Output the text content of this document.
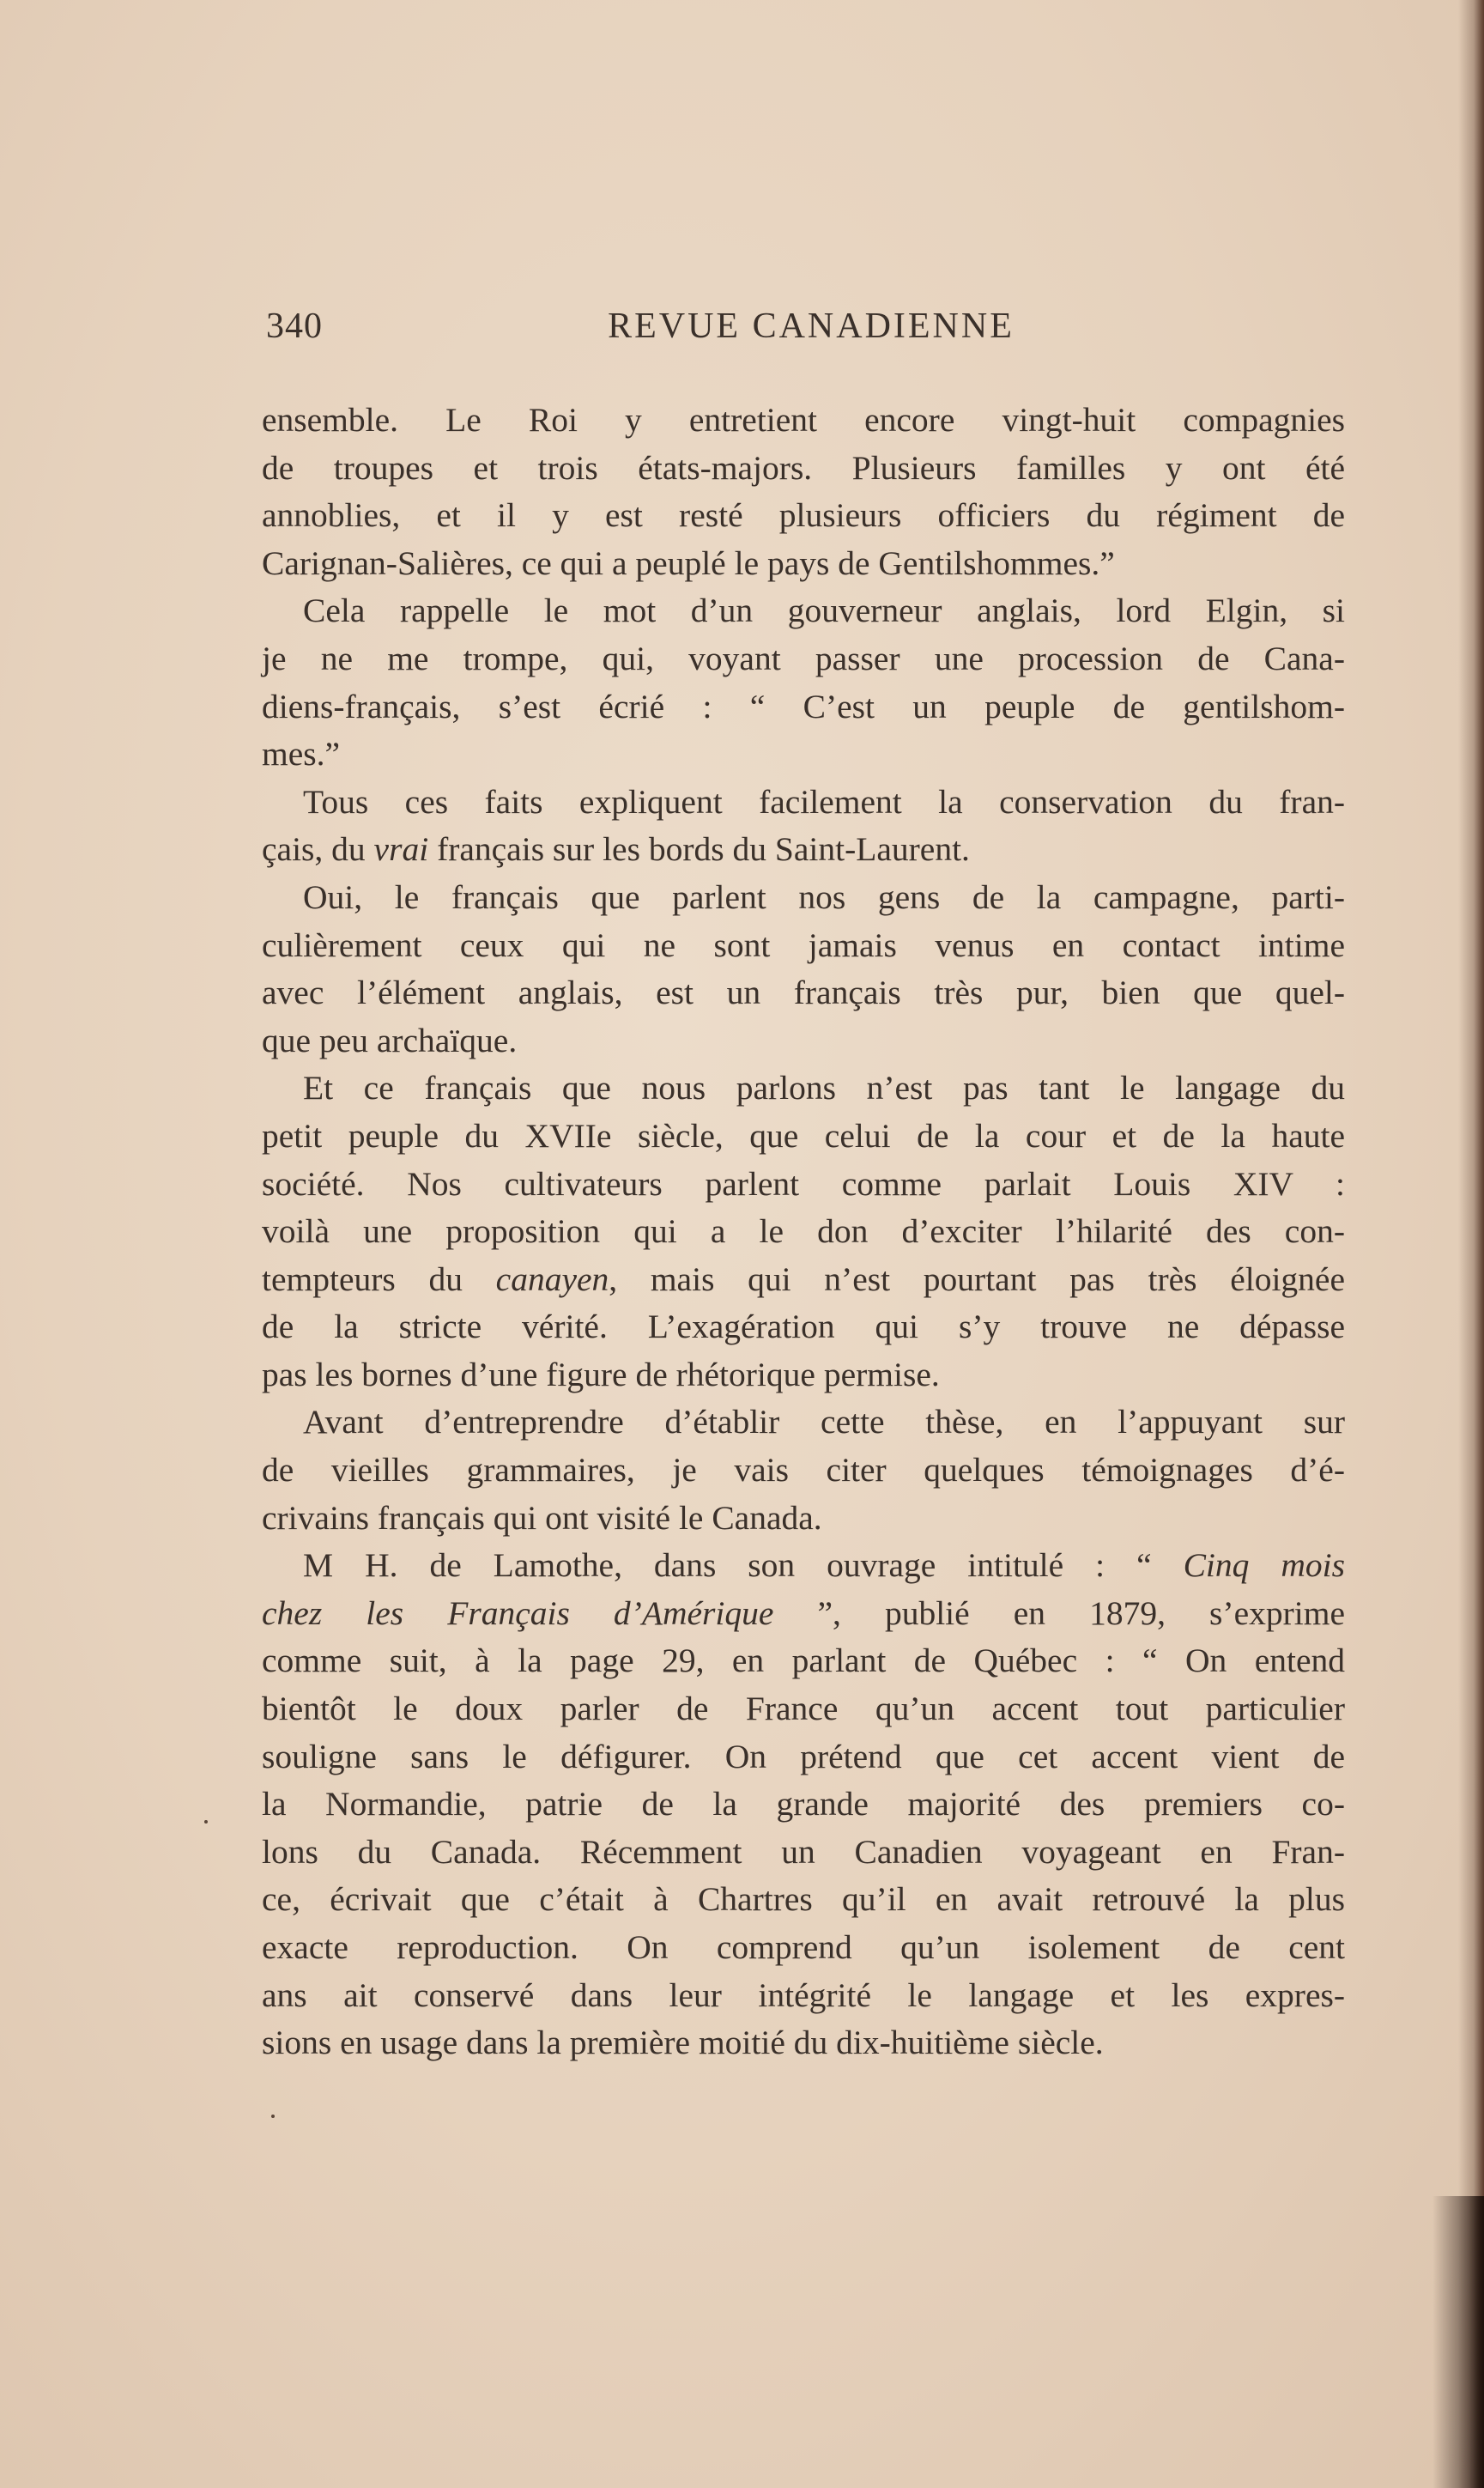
340	REVUE CANADIENNE
ensemble. Le Roi y entretient encore vingt-huit compagnies
de troupes et trois états-majors. Plusieurs familles y ont été
annoblies, et il y est resté plusieurs officiers du régiment de
Carignan-Salières, ce qui a peuplé le pays de Gentilshommes.”
Cela rappelle le mot d’un gouverneur anglais, lord Elgin, si
je ne me trompe, qui, voyant passer une procession de Cana-
diens-français, s’est écrié : “ C’est un peuple de gentilshom-
mes.”
Tous ces faits expliquent facilement la conservation du fran-
çais, du vrai français sur les bords du Saint-Laurent.
Oui, le français que parlent nos gens de la campagne, parti-
culièrement ceux qui ne sont jamais venus en contact intime
avec l’élément anglais, est un français très pur, bien que quel-
que peu archaïque.
Et ce français que nous parlons n’est pas tant le langage du
petit peuple du XVIIe siècle, que celui de la cour et de la haute
société. Nos cultivateurs parlent comme parlait Louis XIV :
voilà une proposition qui a le don d’exciter l’hilarité des con-
tempteurs du canayen, mais qui n’est pourtant pas très éloignée
de la stricte vérité. L’exagération qui s’y trouve ne dépasse
pas les bornes d’une figure de rhétorique permise.
Avant d’entreprendre d’établir cette thèse, en l’appuyant sur
de vieilles grammaires, je vais citer quelques témoignages d’é-
crivains français qui ont visité le Canada.
M H. de Lamothe, dans son ouvrage intitulé : “ Cinq mois
chez les Français d’Amérique ”, publié en 1879, s’exprime
comme suit, à la page 29, en parlant de Québec : “ On entend
bientôt le doux parler de France qu’un accent tout particulier
souligne sans le défigurer. On prétend que cet accent vient de
la Normandie, patrie de la grande majorité des premiers co-
lons du Canada. Récemment un Canadien voyageant en Fran-
ce, écrivait que c’était à Chartres qu’il en avait retrouvé la plus
exacte reproduction. On comprend qu’un isolement de cent
ans ait conservé dans leur intégrité le langage et les expres-
sions en usage dans la première moitié du dix-huitième siècle.
